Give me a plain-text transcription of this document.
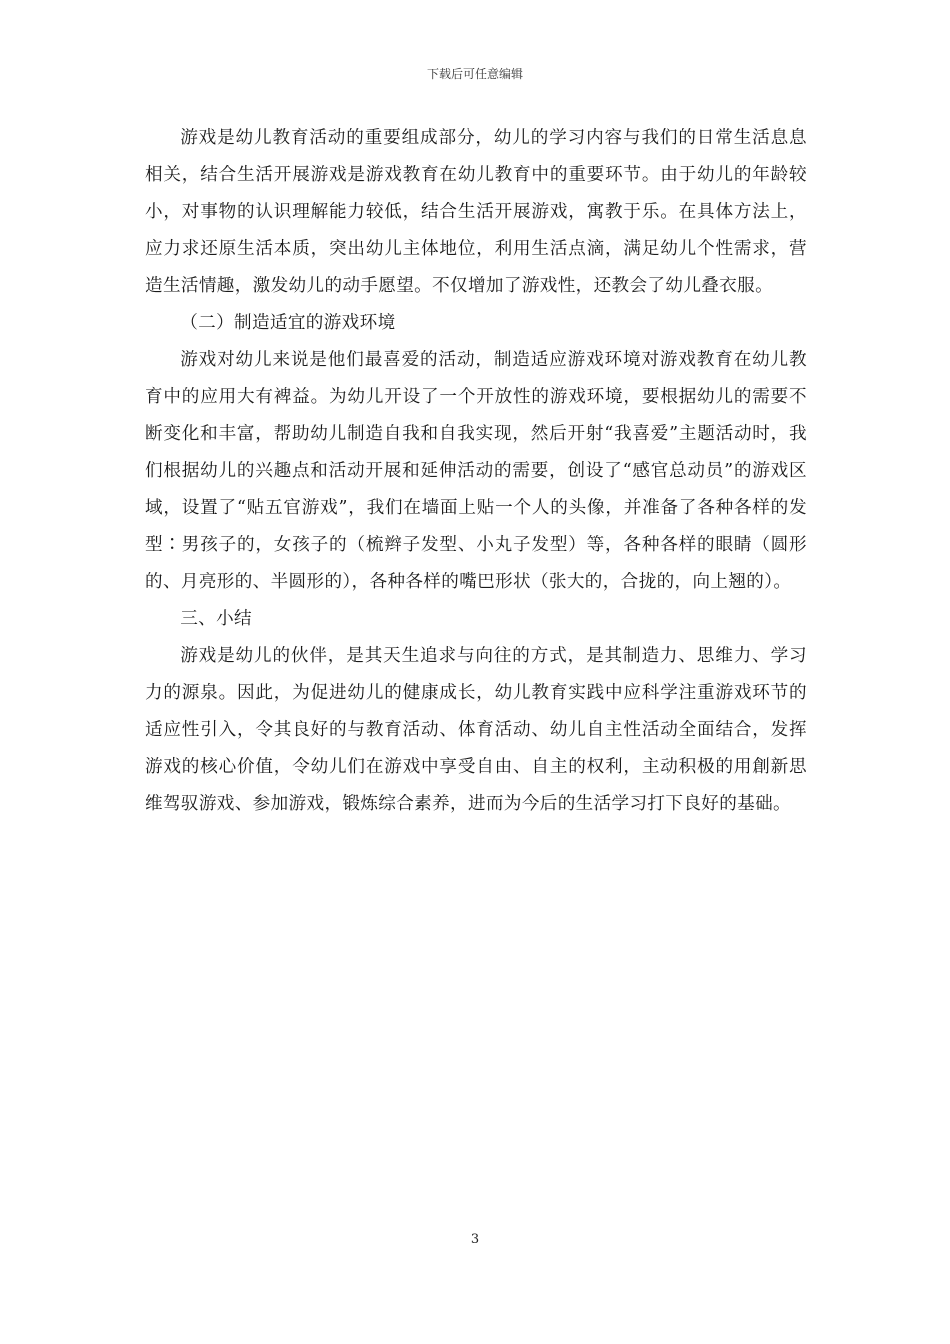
下载后可任意编辑

游戏是幼儿教育活动的重要组成部分，幼儿的学习内容与我们的日常生活息息相关，结合生活开展游戏是游戏教育在幼儿教育中的重要环节。由于幼儿的年龄较小，对事物的认识理解能力较低，结合生活开展游戏，寓教于乐。在具体方法上，应力求还原生活本质，突出幼儿主体地位，利用生活点滴，满足幼儿个性需求，营造生活情趣，激发幼儿的动手愿望。不仅增加了游戏性，还教会了幼儿叠衣服。

（二）制造适宜的游戏环境

游戏对幼儿来说是他们最喜爱的活动，制造适应游戏环境对游戏教育在幼儿教育中的应用大有裨益。为幼儿开设了一个开放性的游戏环境，要根据幼儿的需要不断变化和丰富，帮助幼儿制造自我和自我实现，然后开射“我喜爱”主题活动时，我们根据幼儿的兴趣点和活动开展和延伸活动的需要，创设了“感官总动员”的游戏区域，设置了“贴五官游戏”，我们在墙面上贴一个人的头像，并准备了各种各样的发型∶男孩子的，女孩子的（梳辫子发型、小丸子发型）等，各种各样的眼睛（圆形的、月亮形的、半圆形的），各种各样的嘴巴形状（张大的，合拢的，向上翘的）。

三、小结

游戏是幼儿的伙伴，是其天生追求与向往的方式，是其制造力、思维力、学习力的源泉。因此，为促进幼儿的健康成长，幼儿教育实践中应科学注重游戏环节的适应性引入，令其良好的与教育活动、体育活动、幼儿自主性活动全面结合，发挥游戏的核心价值，令幼儿们在游戏中享受自由、自主的权利，主动积极的用創新思维驾驭游戏、参加游戏，锻炼综合素养，进而为今后的生活学习打下良好的基础。

3
